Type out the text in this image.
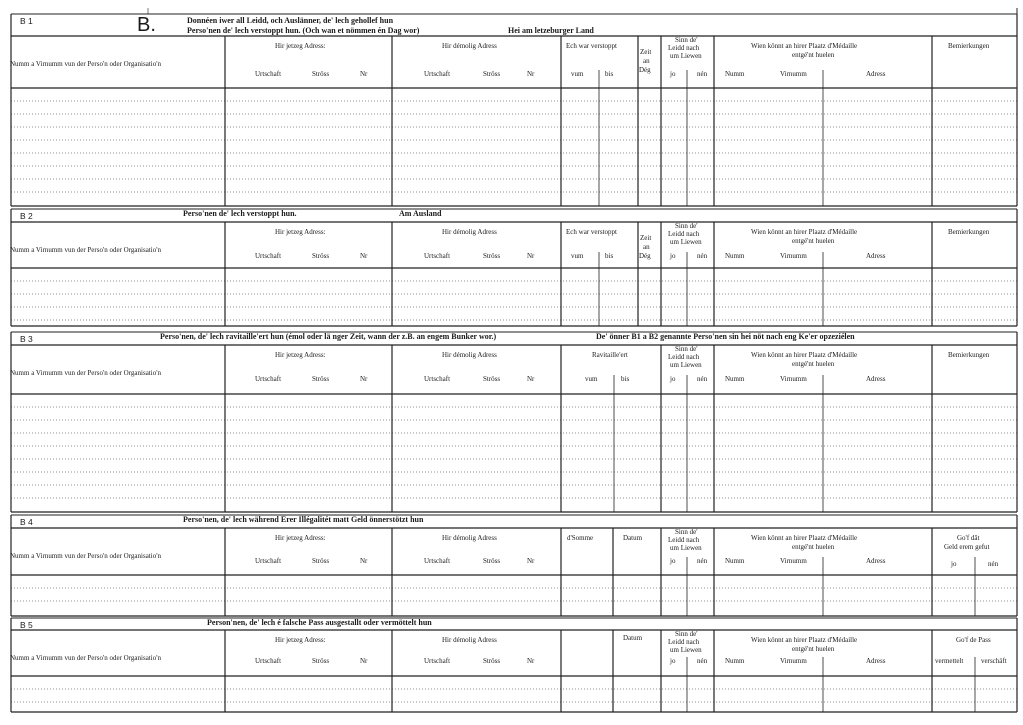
B.	Donnéen iwer all Leidd, och Auslänner, de' lech gehollef hun
Perso'nen de' lech verstoppt hun. (Och wan et nömmen én Dag wor)	Hei am letzeburger Land
B 1
Numm a Virnumm vun der Perso'n oder Organisatio'n
Hir jetzeg Adress:
Urtschaft	Ströss	Nr
Hir démolig Adress
Urtschaft	Ströss	Nr
Ech war verstoppt
vum	bis
Zeit
an
Dég
Sinn de'
Leidd nach
um Liewen
jo	nén
Wien könnt an hirer Plaatz d'Médaille
entgé'nt huelen
Numm	Virnumm	Adress
Bemierkungen
B 2	Perso'nen de' lech verstoppt hun.	Am Ausland
Numm a Virnumm vun der Perso'n oder Organisatio'n
Hir jetzeg Adress:
Urtschaft	Ströss	Nr
Hir démolig Adress
Urtschaft	Ströss	Nr
Ech war verstoppt
vum	bis
Zeit
an
Dég
Sinn de'
Leidd nach
um Liewen
jo	nén
Wien könnt an hirer Plaatz d'Médaille
entgé'nt huelen
Numm	Virnumm	Adress
Bemierkungen
B 3	Perso'nen, de' lech ravitaille'ert hun (émol oder lä nger Zeit, wann der z.B. an engem Bunker wor.)	De' önner B1 a B2 genannte Perso'nen sin hei nöt nach eng Ke'er opzeziélen
Numm a Virnumm vun der Perso'n oder Organisatio'n
Hir jetzeg Adress:
Urtschaft	Ströss	Nr
Hir démolig Adress
Urtschaft	Ströss	Nr
Ravitaille'ert
vum	bis
Sinn de'
Leidd nach
um Liewen
jo	nén
Wien könnt an hirer Plaatz d'Médaille
entgé'nt huelen
Numm	Virnumm	Adress
Bemierkungen
B 4	Perso'nen, de' lech während Erer Illégalitét matt Geld önnerstötzt hun
Numm a Virnumm vun der Perso'n oder Organisatio'n
Hir jetzeg Adress:
Urtschaft	Ströss	Nr
Hir démolig Adress
Urtschaft	Ströss	Nr
d'Somme	Datum
Sinn de'
Leidd nach
um Liewen
jo	nén
Wien könnt an hirer Plaatz d'Médaille
entgé'nt huelen
Numm	Virnumm	Adress
Go'f dât
Geld erem gefut
jo	nén
B 5	Person'nen, de' lech é falsche Pass ausgestallt oder vermöttelt hun
Numm a Virnumm vun der Perso'n oder Organisatio'n
Hir jetzeg Adress:
Urtschaft	Ströss	Nr
Hir démolig Adress
Urtschaft	Ströss	Nr
Datum	Sinn de'
Leidd nach
um Liewen
jo	nén
Wien könnt an hirer Plaatz d'Médaille
entgé'nt huelen
Numm	Virnumm	Adress
Go'f de Pass
vermettelt	verschäft
